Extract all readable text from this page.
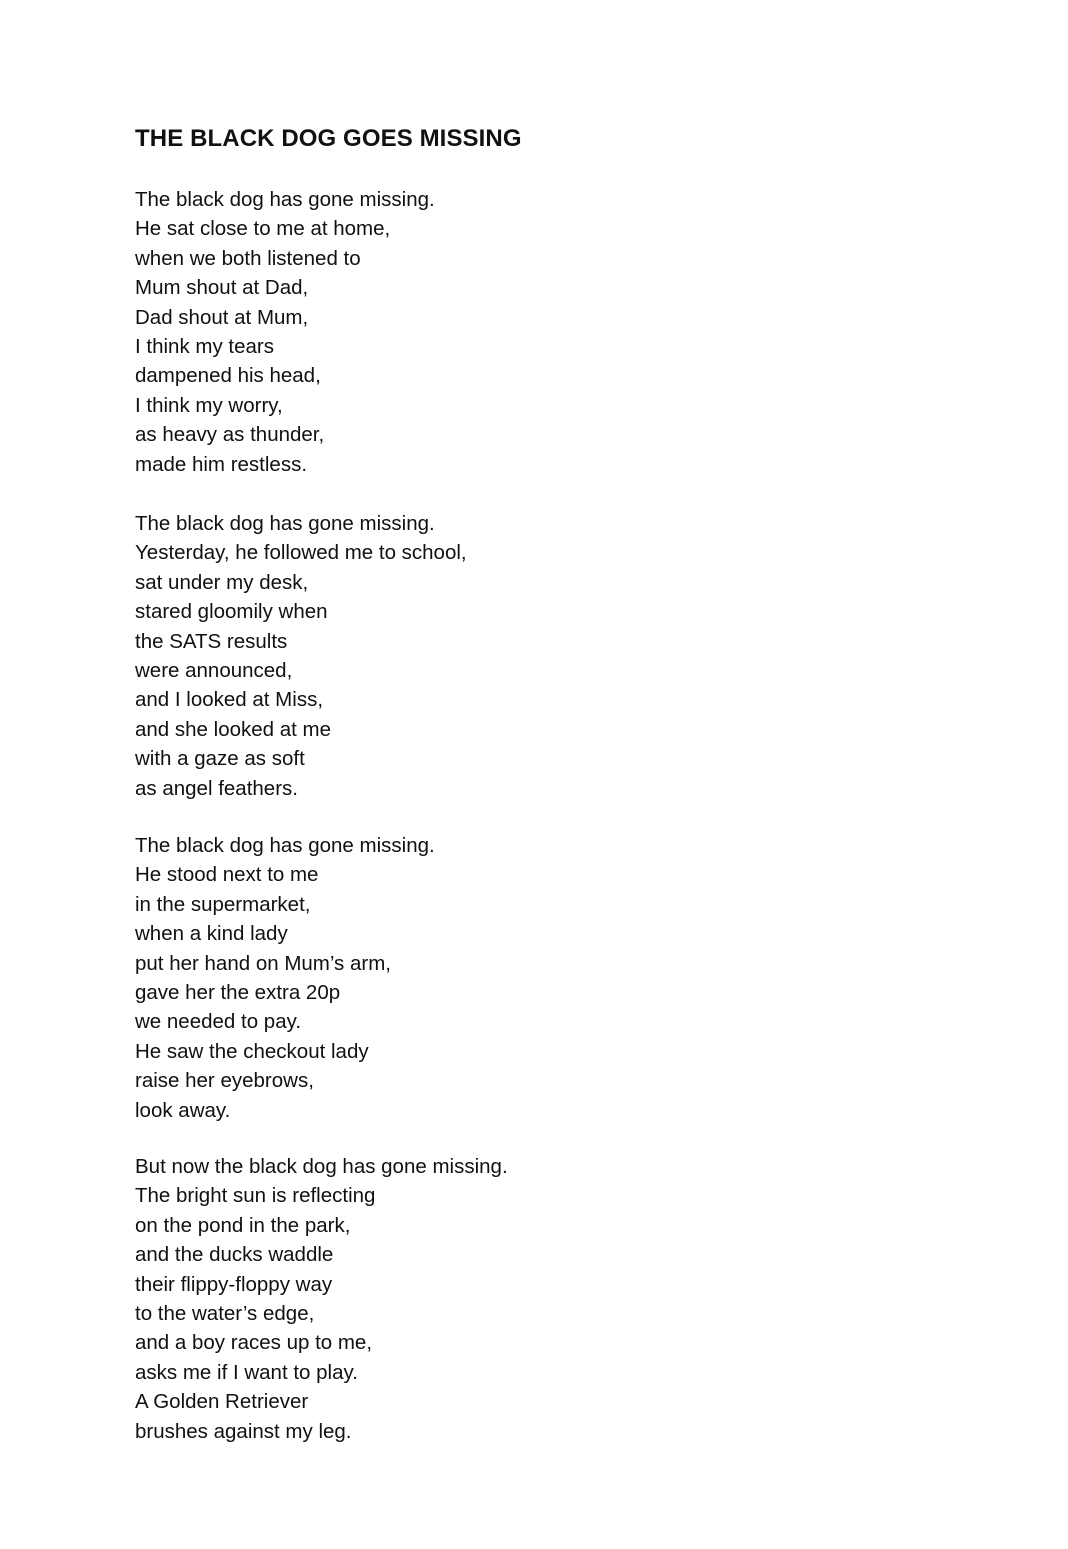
THE BLACK DOG GOES MISSING
The black dog has gone missing.
He sat close to me at home,
when we both listened to
Mum shout at Dad,
Dad shout at Mum,
I think my tears
dampened his head,
I think my worry,
as heavy as thunder,
made him restless.
The black dog has gone missing.
Yesterday, he followed me to school,
sat under my desk,
stared gloomily when
the SATS results
were announced,
and I looked at Miss,
and she looked at me
with a gaze as soft
as angel feathers.
The black dog has gone missing.
He stood next to me
in the supermarket,
when a kind lady
put her hand on Mum’s arm,
gave her the extra 20p
we needed to pay.
He saw the checkout lady
raise her eyebrows,
look away.
But now the black dog has gone missing.
The bright sun is reflecting
on the pond in the park,
and the ducks waddle
their flippy-floppy way
to the water’s edge,
and a boy races up to me,
asks me if I want to play.
A Golden Retriever
brushes against my leg.
